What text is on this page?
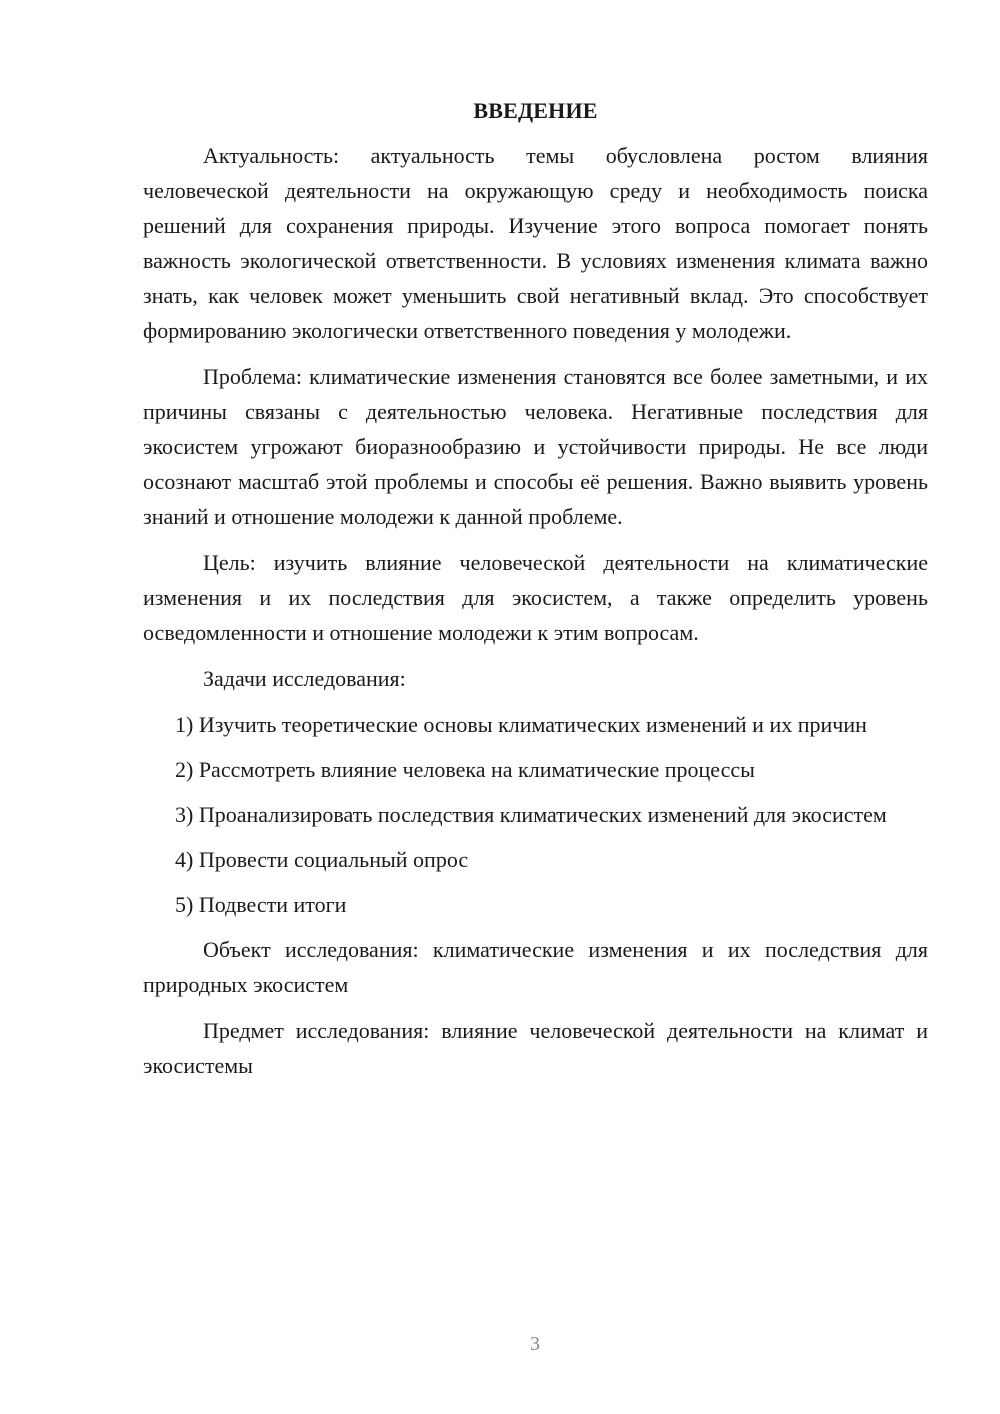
ВВЕДЕНИЕ

Актуальность: актуальность темы обусловлена ростом влияния человеческой деятельности на окружающую среду и необходимость поиска решений для сохранения природы. Изучение этого вопроса помогает понять важность экологической ответственности. В условиях изменения климата важно знать, как человек может уменьшить свой негативный вклад. Это способствует формированию экологически ответственного поведения у молодежи.

Проблема: климатические изменения становятся все более заметными, и их причины связаны с деятельностью человека. Негативные последствия для экосистем угрожают биоразнообразию и устойчивости природы. Не все люди осознают масштаб этой проблемы и способы её решения. Важно выявить уровень знаний и отношение молодежи к данной проблеме.

Цель: изучить влияние человеческой деятельности на климатические изменения и их последствия для экосистем, а также определить уровень осведомленности и отношение молодежи к этим вопросам.

Задачи исследования:

1) Изучить теоретические основы климатических изменений и их причин

2) Рассмотреть влияние человека на климатические процессы

3) Проанализировать последствия климатических изменений для экосистем

4) Провести социальный опрос

5) Подвести итоги

Объект исследования: климатические изменения и их последствия для природных экосистем

Предмет исследования: влияние человеческой деятельности на климат и экосистемы

3
